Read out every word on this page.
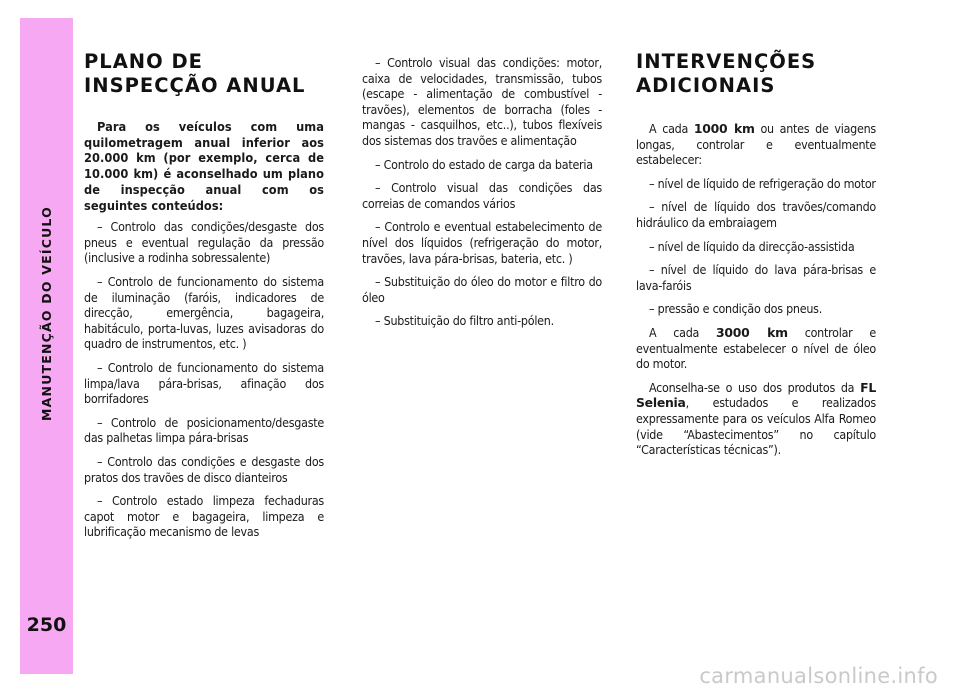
MANUTENÇÃO DO VEÍCULO
250
PLANO DE
INSPECÇÃO ANUAL

Para os veículos com uma quilometragem anual inferior aos 20.000 km (por exemplo, cerca de 10.000 km) é aconselhado um plano de inspecção anual com os seguintes conteúdos:

– Controlo das condições/desgaste dos pneus e eventual regulação da pressão (inclusive a rodinha sobressalente)

– Controlo de funcionamento do sistema de iluminação (faróis, indicadores de direcção, emergência, bagageira, habitáculo, porta-luvas, luzes avisadoras do quadro de instrumentos, etc. )

– Controlo de funcionamento do sistema limpa/lava pára-brisas, afinação dos borrifadores

– Controlo de posicionamento/desgaste das palhetas limpa pára-brisas

– Controlo das condições e desgaste dos pratos dos travões de disco dianteiros

– Controlo estado limpeza fechaduras capot motor e bagageira, limpeza e lubrificação mecanismo de levas

– Controlo visual das condições: motor, caixa de velocidades, transmissão, tubos (escape - alimentação de combustível - travões), elementos de borracha (foles - mangas - casquilhos, etc..), tubos flexíveis dos sistemas dos travões e alimentação

– Controlo do estado de carga da bateria

– Controlo visual das condições das correias de comandos vários

– Controlo e eventual estabelecimento de nível dos líquidos (refrigeração do motor, travões, lava pára-brisas, bateria, etc. )

– Substituição do óleo do motor e filtro do óleo

– Substituição do filtro anti-pólen.

INTERVENÇÕES
ADICIONAIS

A cada 1000 km ou antes de viagens longas, controlar e eventualmente estabelecer:

– nível de líquido de refrigeração do motor

– nível de líquido dos travões/comando hidráulico da embraiagem

– nível de líquido da direcção-assistida

– nível de líquido do lava pára-brisas e lava-faróis

– pressão e condição dos pneus.

A cada 3000 km controlar e eventualmente estabelecer o nível de óleo do motor.

Aconselha-se o uso dos produtos da FL Selenia, estudados e realizados expressamente para os veículos Alfa Romeo (vide “Abastecimentos” no capítulo “Características técnicas”).

carmanualsonline.info
